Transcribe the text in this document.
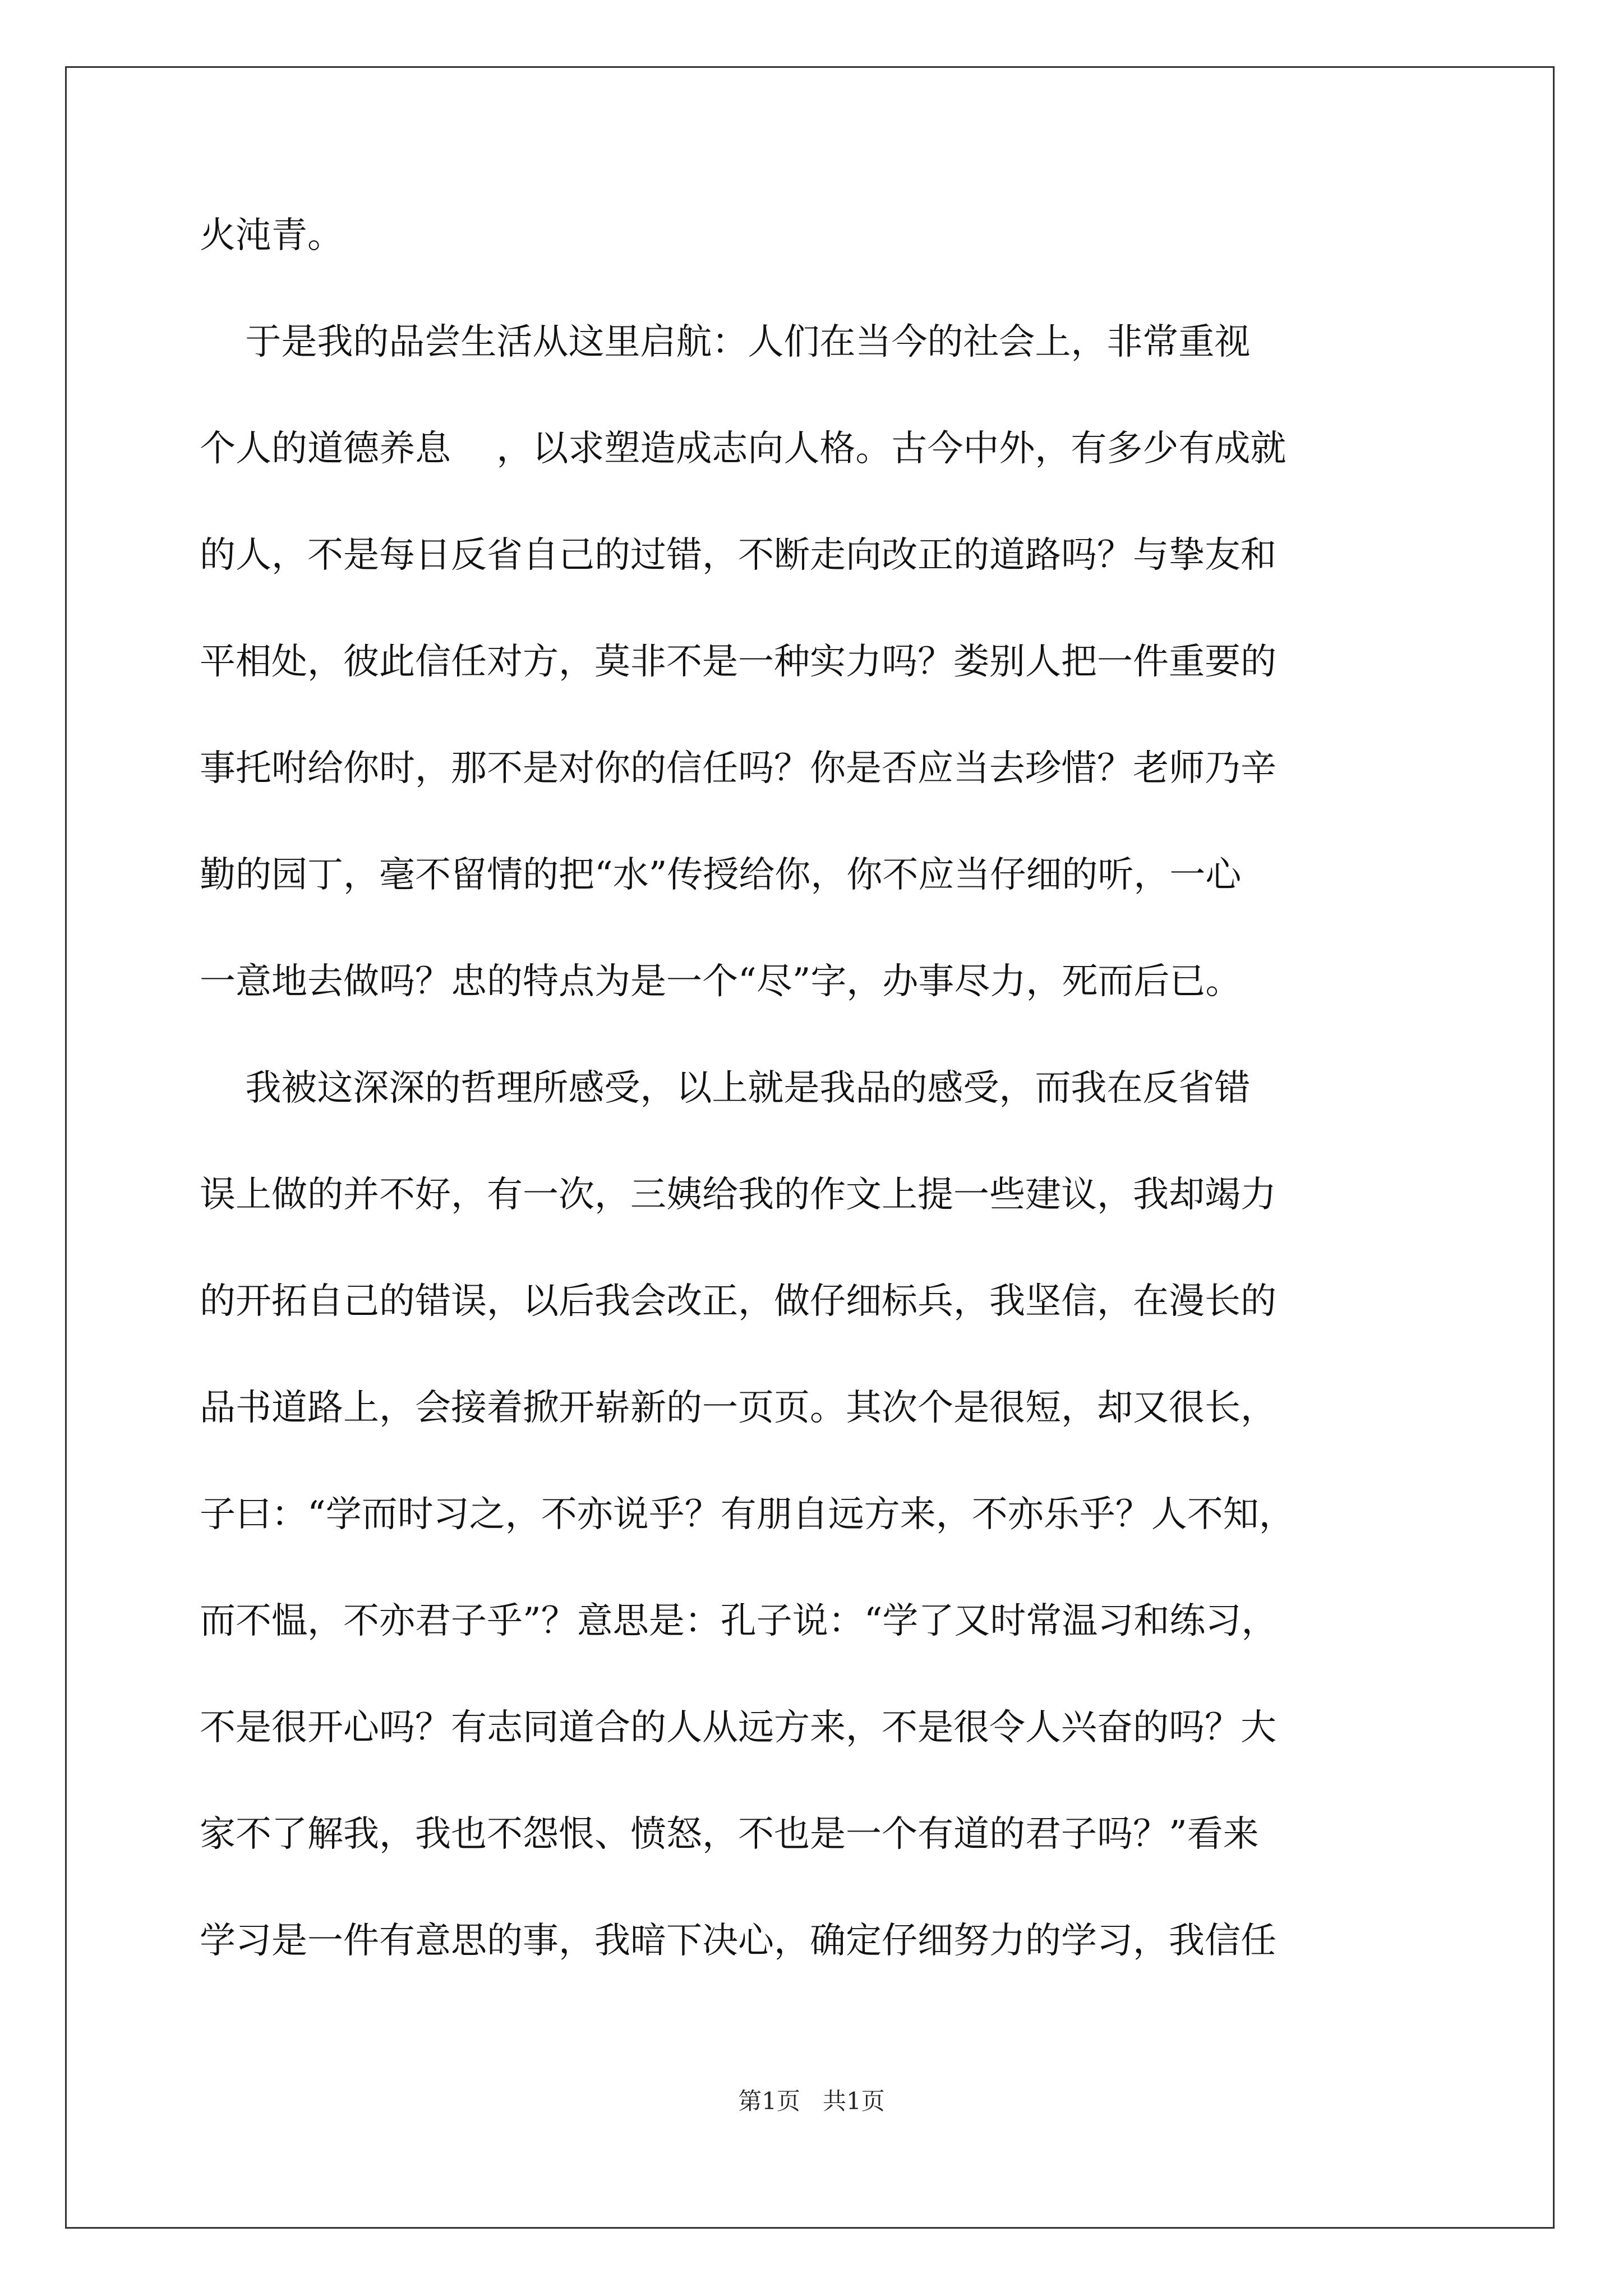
火沌青。
于是我的品尝生活从这里启航：人们在当今的社会上，非常重视
个人的道德养息    ，以求塑造成志向人格。古今中外，有多少有成就
的人，不是每日反省自己的过错，不断走向改正的道路吗？与挚友和
平相处，彼此信任对方，莫非不是一种实力吗？娄别人把一件重要的
事托咐给你时，那不是对你的信任吗？你是否应当去珍惜？老师乃辛
勤的园丁，毫不留情的把“水”传授给你，你不应当仔细的听，一心
一意地去做吗？忠的特点为是一个“尽”字，办事尽力，死而后已。
我被这深深的哲理所感受，以上就是我品的感受，而我在反省错
误上做的并不好，有一次，三姨给我的作文上提一些建议，我却竭力
的开拓自己的错误，以后我会改正，做仔细标兵，我坚信，在漫长的
品书道路上，会接着掀开崭新的一页页。其次个是很短，却又很长，
子曰：“学而时习之，不亦说乎？有朋自远方来，不亦乐乎？人不知，
而不愠，不亦君子乎”？意思是：孔子说：“学了又时常温习和练习，
不是很开心吗？有志同道合的人从远方来，不是很令人兴奋的吗？大
家不了解我，我也不怨恨、愤怒，不也是一个有道的君子吗？”看来
学习是一件有意思的事，我暗下决心，确定仔细努力的学习，我信任
第1页   共1页
